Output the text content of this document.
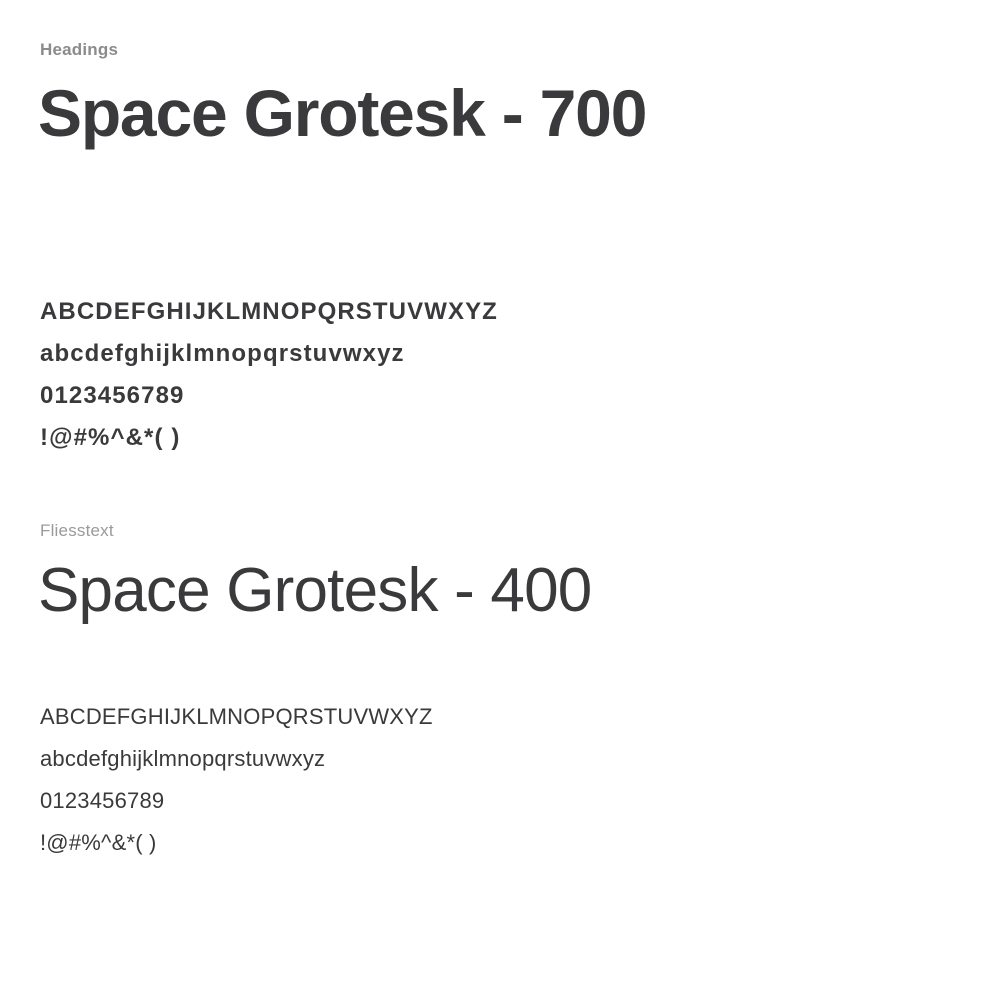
Headings
Space Grotesk - 700
ABCDEFGHIJKLMNOPQRSTUVWXYZ
abcdefghijklmnopqrstuvwxyz
0123456789
!@#%^&*( )
Fliesstext
Space Grotesk - 400
ABCDEFGHIJKLMNOPQRSTUVWXYZ
abcdefghijklmnopqrstuvwxyz
0123456789
!@#%^&*( )
